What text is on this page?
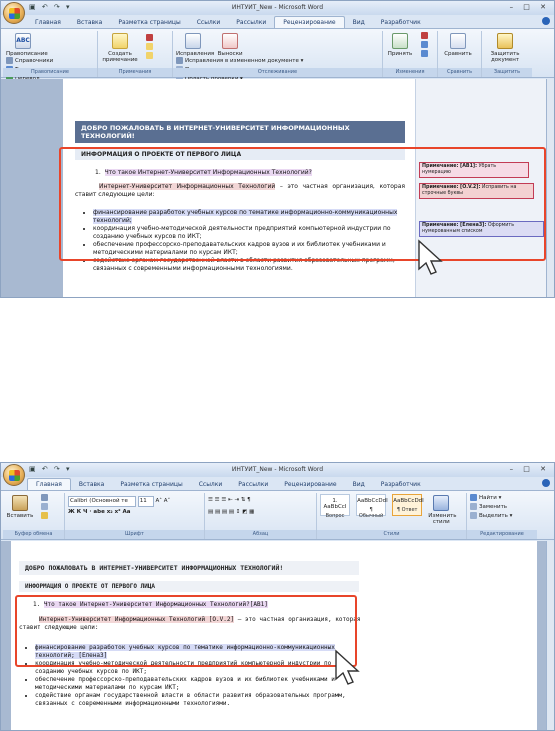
▣ ↶ ↷ ▾	ИНТУИТ_New - Microsoft Word	– □ ✕
Главная	Вставка	Разметка страницы	Ссылки	Рассылки	Рецензирование	Вид	Разработчик
ABC
Правописание

Справочники
Правописание
Создать примечание

Примечания
Исправления
Выноски

Исправления в измененном документе ▾
Отслеживание
Принять

Изменения
Сравнить
Сравнить
Защитить документ
Защитить
ДОБРО ПОЖАЛОВАТЬ В ИНТЕРНЕТ-УНИВЕРСИТЕТ ИНФОРМАЦИОННЫХ ТЕХНОЛОГИЙ!
ИНФОРМАЦИЯ О ПРОЕКТЕ ОТ ПЕРВОГО ЛИЦА
1. Что такое Интернет-Университет Информационных Технологий?
Интернет-Университет Информационных Технологий – это частная организация, которая ставит следующие цели:
• финансирование разработок учебных курсов по тематике информационно-коммуникационных технологий;
• координация учебно-методической деятельности предприятий компьютерной индустрии по созданию учебных курсов по ИКТ;
• обеспечение профессорско-преподавательских кадров вузов и их библиотек учебниками и методическими материалами по курсам ИКТ;
• содействие органам государственной власти в области развития образовательных программ, связанных с современными информационными технологиями.
Примечание: [AB1]: Убрать нумерацию
Примечание: [O.V.2]: Исправить на строчные буквы
Примечание: [Елена3]: Оформить нумерованным списком
▣ ↶ ↷ ▾	ИНТУИТ_New - Microsoft Word	– □ ✕
Главная	Вставка	Разметка страницы	Ссылки	Рассылки	Рецензирование	Вид	Разработчик
Вставить

Буфер обмена
Calibri (Основной те 11 A˄ A˅
Ж К Ч · abe x₂ x² Aa
Шрифт
☰ ☰ ☰ ⇤ ⇥ ⇅ ¶
▤ ▤ ▤ ▤ ↕ ◩ ▦
Абзац
1. AaBbCcI
Вопрос

AaBbCcDdI
¶ Обычный

AaBbCcDdI
¶ Ответ

Изменить стили
Стили
Найти ▾
Заменить
Выделить ▾
Редактирование
ДОБРО ПОЖАЛОВАТЬ В ИНТЕРНЕТ-УНИВЕРСИТЕТ ИНФОРМАЦИОННЫХ ТЕХНОЛОГИЙ!
ИНФОРМАЦИЯ О ПРОЕКТЕ ОТ ПЕРВОГО ЛИЦА
1. Что такое Интернет-Университет Информационных Технологий?[AB1]
Интернет-Университет Информационных Технологий [O.V.2] – это частная организация, которая ставит следующие цели:
• финансирование разработок учебных курсов по тематике информационно-коммуникационных технологий; [Елена3]
• координация учебно-методической деятельности предприятий компьютерной индустрии по созданию учебных курсов по ИКТ;
• обеспечение профессорско-преподавательских кадров вузов и их библиотек учебниками и методическими материалами по курсам ИКТ;
• содействие органам государственной власти в области развития образовательных программ, связанных с современными информационными технологиями.
